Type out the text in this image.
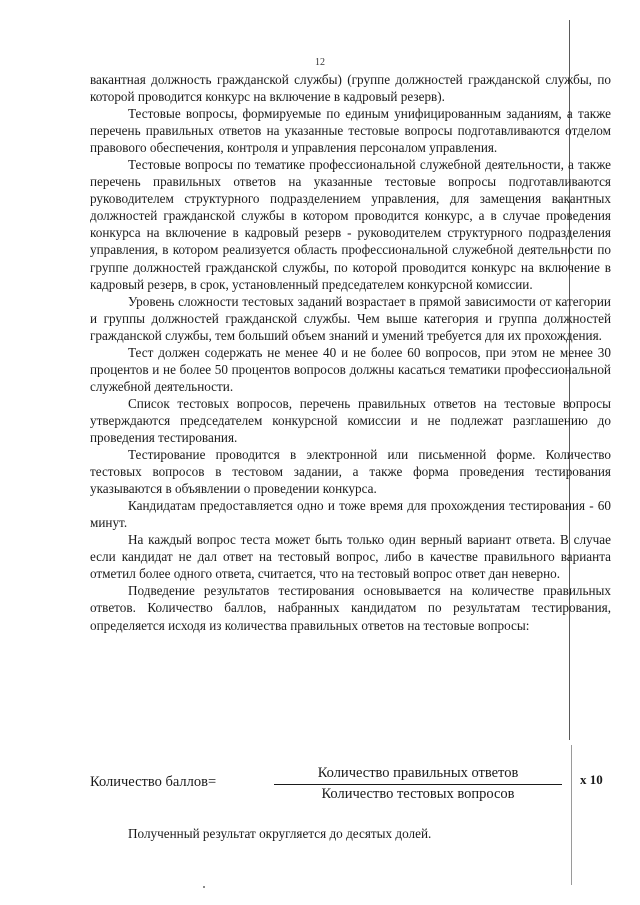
12

вакантная должность гражданской службы) (группе должностей гражданской службы, по которой проводится конкурс на включение в кадровый резерв).

Тестовые вопросы, формируемые по единым унифицированным заданиям, а также перечень правильных ответов на указанные тестовые вопросы подготавливаются отделом правового обеспечения, контроля и управления персоналом управления.

Тестовые вопросы по тематике профессиональной служебной деятельности, а также перечень правильных ответов на указанные тестовые вопросы подготавливаются руководителем структурного подразделением управления, для замещения вакантных должностей гражданской службы в котором проводится конкурс, а в случае проведения конкурса на включение в кадровый резерв - руководителем структурного подразделения управления, в котором реализуется область профессиональной служебной деятельности по группе должностей гражданской службы, по которой проводится конкурс на включение в кадровый резерв, в срок, установленный председателем конкурсной комиссии.

Уровень сложности тестовых заданий возрастает в прямой зависимости от категории и группы должностей гражданской службы. Чем выше категория и группа должностей гражданской службы, тем больший объем знаний и умений требуется для их прохождения.

Тест должен содержать не менее 40 и не более 60 вопросов, при этом не менее 30 процентов и не более 50 процентов вопросов должны касаться тематики профессиональной служебной деятельности.

Список тестовых вопросов, перечень правильных ответов на тестовые вопросы утверждаются председателем конкурсной комиссии и не подлежат разглашению до проведения тестирования.

Тестирование проводится в электронной или письменной форме. Количество тестовых вопросов в тестовом задании, а также форма проведения тестирования указываются в объявлении о проведении конкурса.

Кандидатам предоставляется одно и тоже время для прохождения тестирования - 60 минут.

На каждый вопрос теста может быть только один верный вариант ответа. В случае если кандидат не дал ответ на тестовый вопрос, либо в качестве правильного варианта отметил более одного ответа, считается, что на тестовый вопрос ответ дан неверно.

Подведение результатов тестирования основывается на количестве правильных ответов. Количество баллов, набранных кандидатом по результатам тестирования, определяется исходя из количества правильных ответов на тестовые вопросы:

Количество баллов=
Количество правильных ответов
Количество тестовых вопросов
x 10
Полученный результат округляется до десятых долей.
